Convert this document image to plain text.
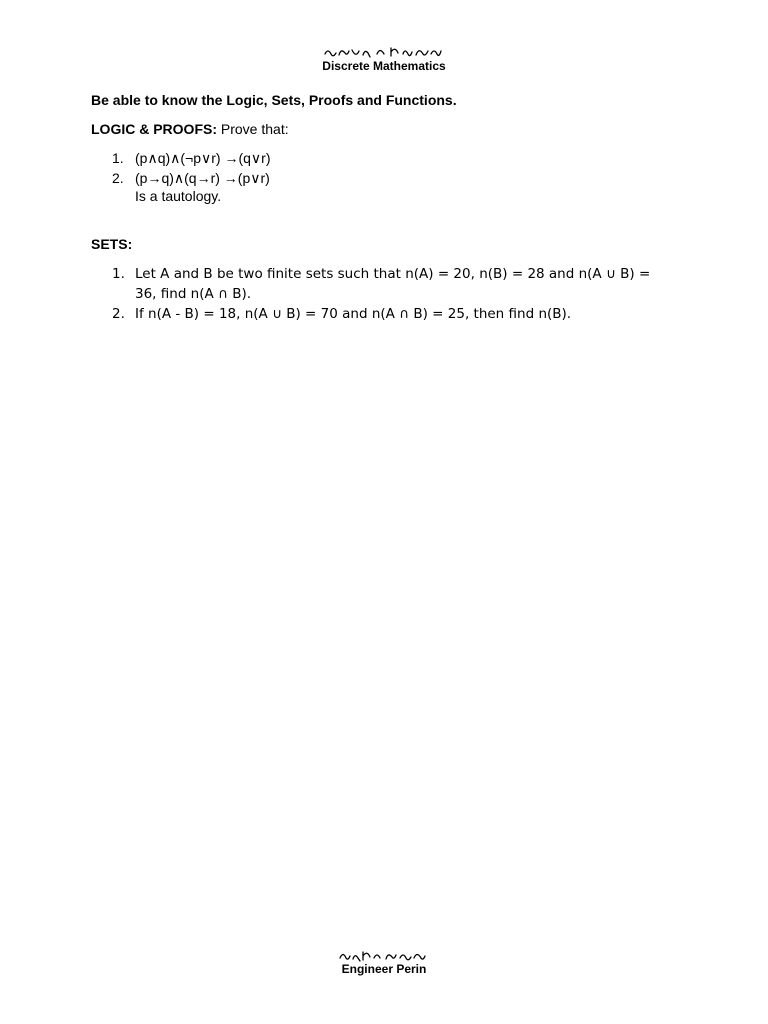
Discrete Mathematics
Be able to know the Logic, Sets, Proofs and Functions.
LOGIC & PROOFS: Prove that:
1. (p∧q)∧(¬p∨r) →(q∨r)
2. (p→q)∧(q→r) →(p∨r)
Is a tautology.
SETS:
1. Let A and B be two finite sets such that n(A) = 20, n(B) = 28 and n(A ∪ B) = 36, find n(A ∩ B).
2. If n(A - B) = 18, n(A ∪ B) = 70 and n(A ∩ B) = 25, then find n(B).
Engineer Perin
